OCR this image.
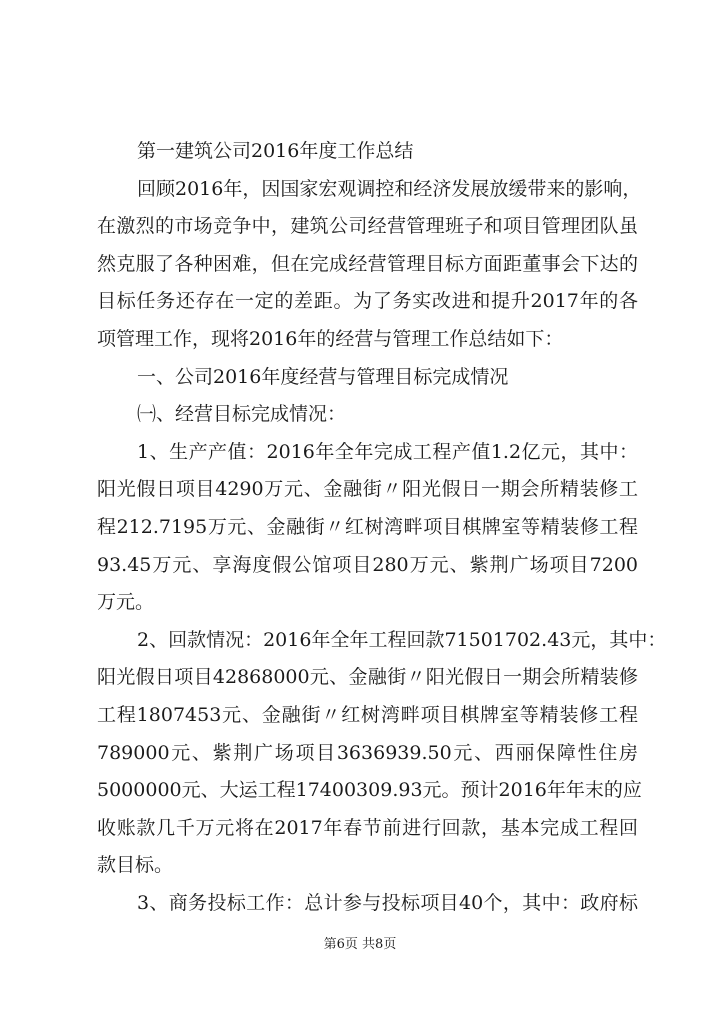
第一建筑公司2016年度工作总结
回顾2016年，因国家宏观调控和经济发展放缓带来的影响，
在激烈的市场竞争中，建筑公司经营管理班子和项目管理团队虽
然克服了各种困难，但在完成经营管理目标方面距董事会下达的
目标任务还存在一定的差距。为了务实改进和提升2017年的各
项管理工作，现将2016年的经营与管理工作总结如下：
一、公司2016年度经营与管理目标完成情况
㈠、经营目标完成情况：
1、生产产值：2016年全年完成工程产值1.2亿元，其中：
阳光假日项目4290万元、金融街〃阳光假日一期会所精装修工
程212.7195万元、金融街〃红树湾畔项目棋牌室等精装修工程
93.45万元、享海度假公馆项目280万元、紫荆广场项目7200
万元。
2、回款情况：2016年全年工程回款71501702.43元，其中：
阳光假日项目42868000元、金融街〃阳光假日一期会所精装修
工程1807453元、金融街〃红树湾畔项目棋牌室等精装修工程
789000元、紫荆广场项目3636939.50元、西丽保障性住房
5000000元、大运工程17400309.93元。预计2016年年末的应
收账款几千万元将在2017年春节前进行回款，基本完成工程回
款目标。
3、商务投标工作：总计参与投标项目40个，其中：政府标
第6页 共8页
